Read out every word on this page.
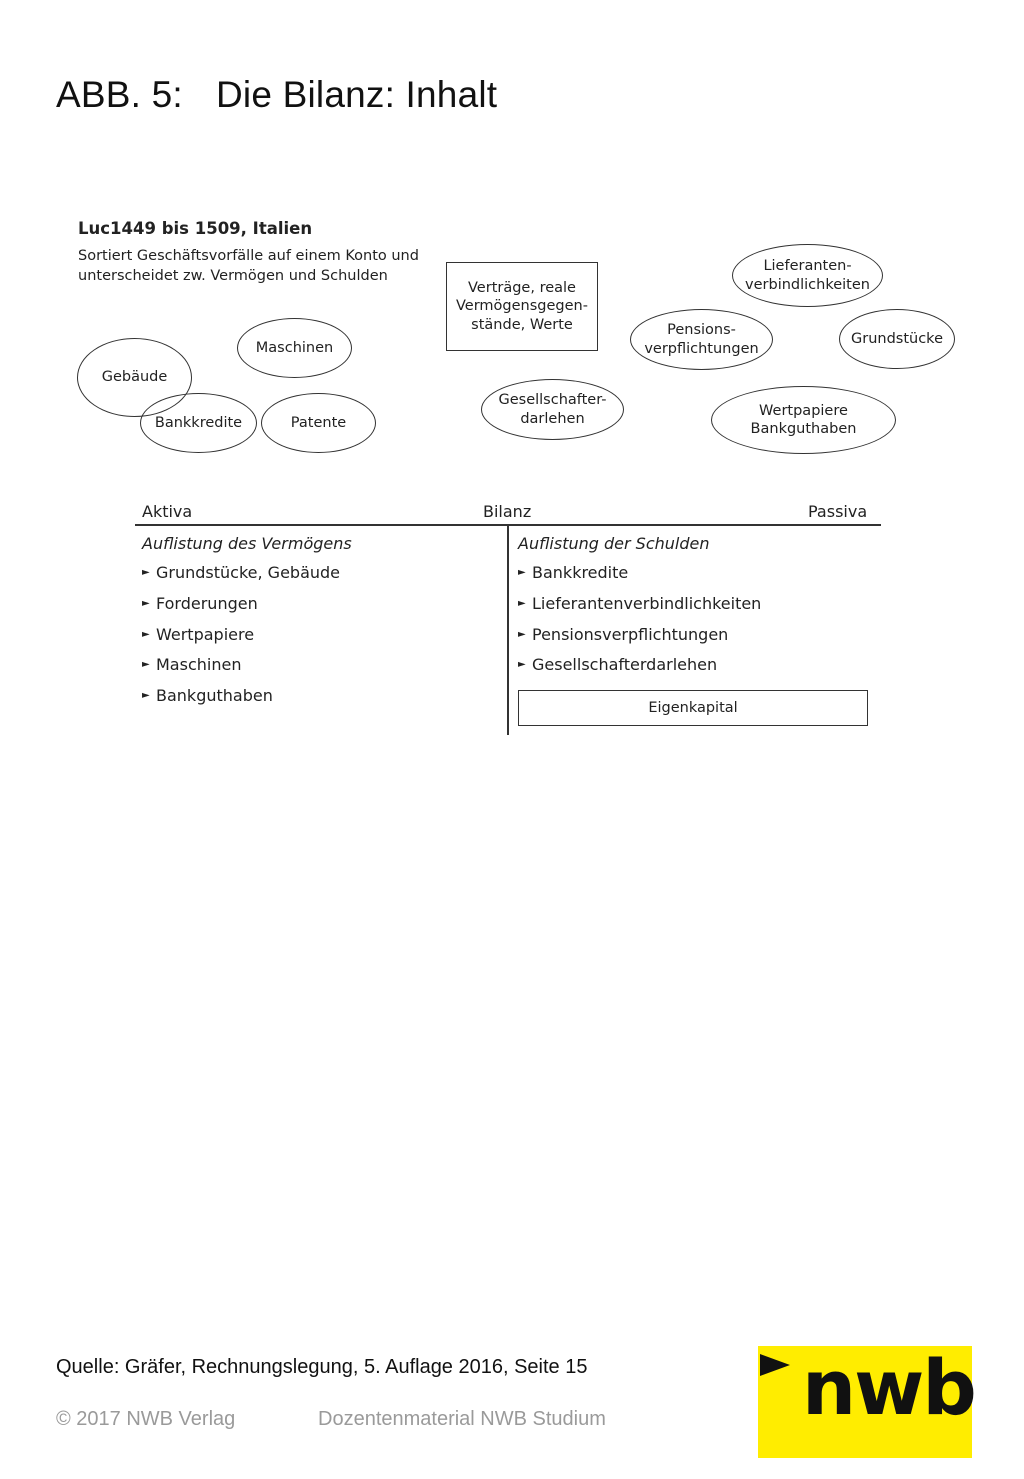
ABB. 5: Die Bilanz: Inhalt
Luc1449 bis 1509, Italien
Sortiert Geschäftsvorfälle auf einem Konto und
unterscheidet zw. Vermögen und Schulden
Gebäude
Maschinen
Bankkredite	Patente
Verträge, reale
Vermögensgegen-
stände, Werte
Gesellschafter-
darlehen
Pensions-
verpflichtungen
Lieferanten-
verbindlichkeiten
Grundstücke
Wertpapiere
Bankguthaben
Aktiva	Bilanz	Passiva
Auflistung des Vermögens	Auflistung der Schulden
► Grundstücke, Gebäude
► Forderungen
► Wertpapiere
► Maschinen
► Bankguthaben
► Bankkredite
► Lieferantenverbindlichkeiten
► Pensionsverpflichtungen
► Gesellschafterdarlehen
Eigenkapital
Quelle: Gräfer, Rechnungslegung, 5. Auflage 2016, Seite 15
© 2017 NWB Verlag	Dozentenmaterial NWB Studium	nwb
